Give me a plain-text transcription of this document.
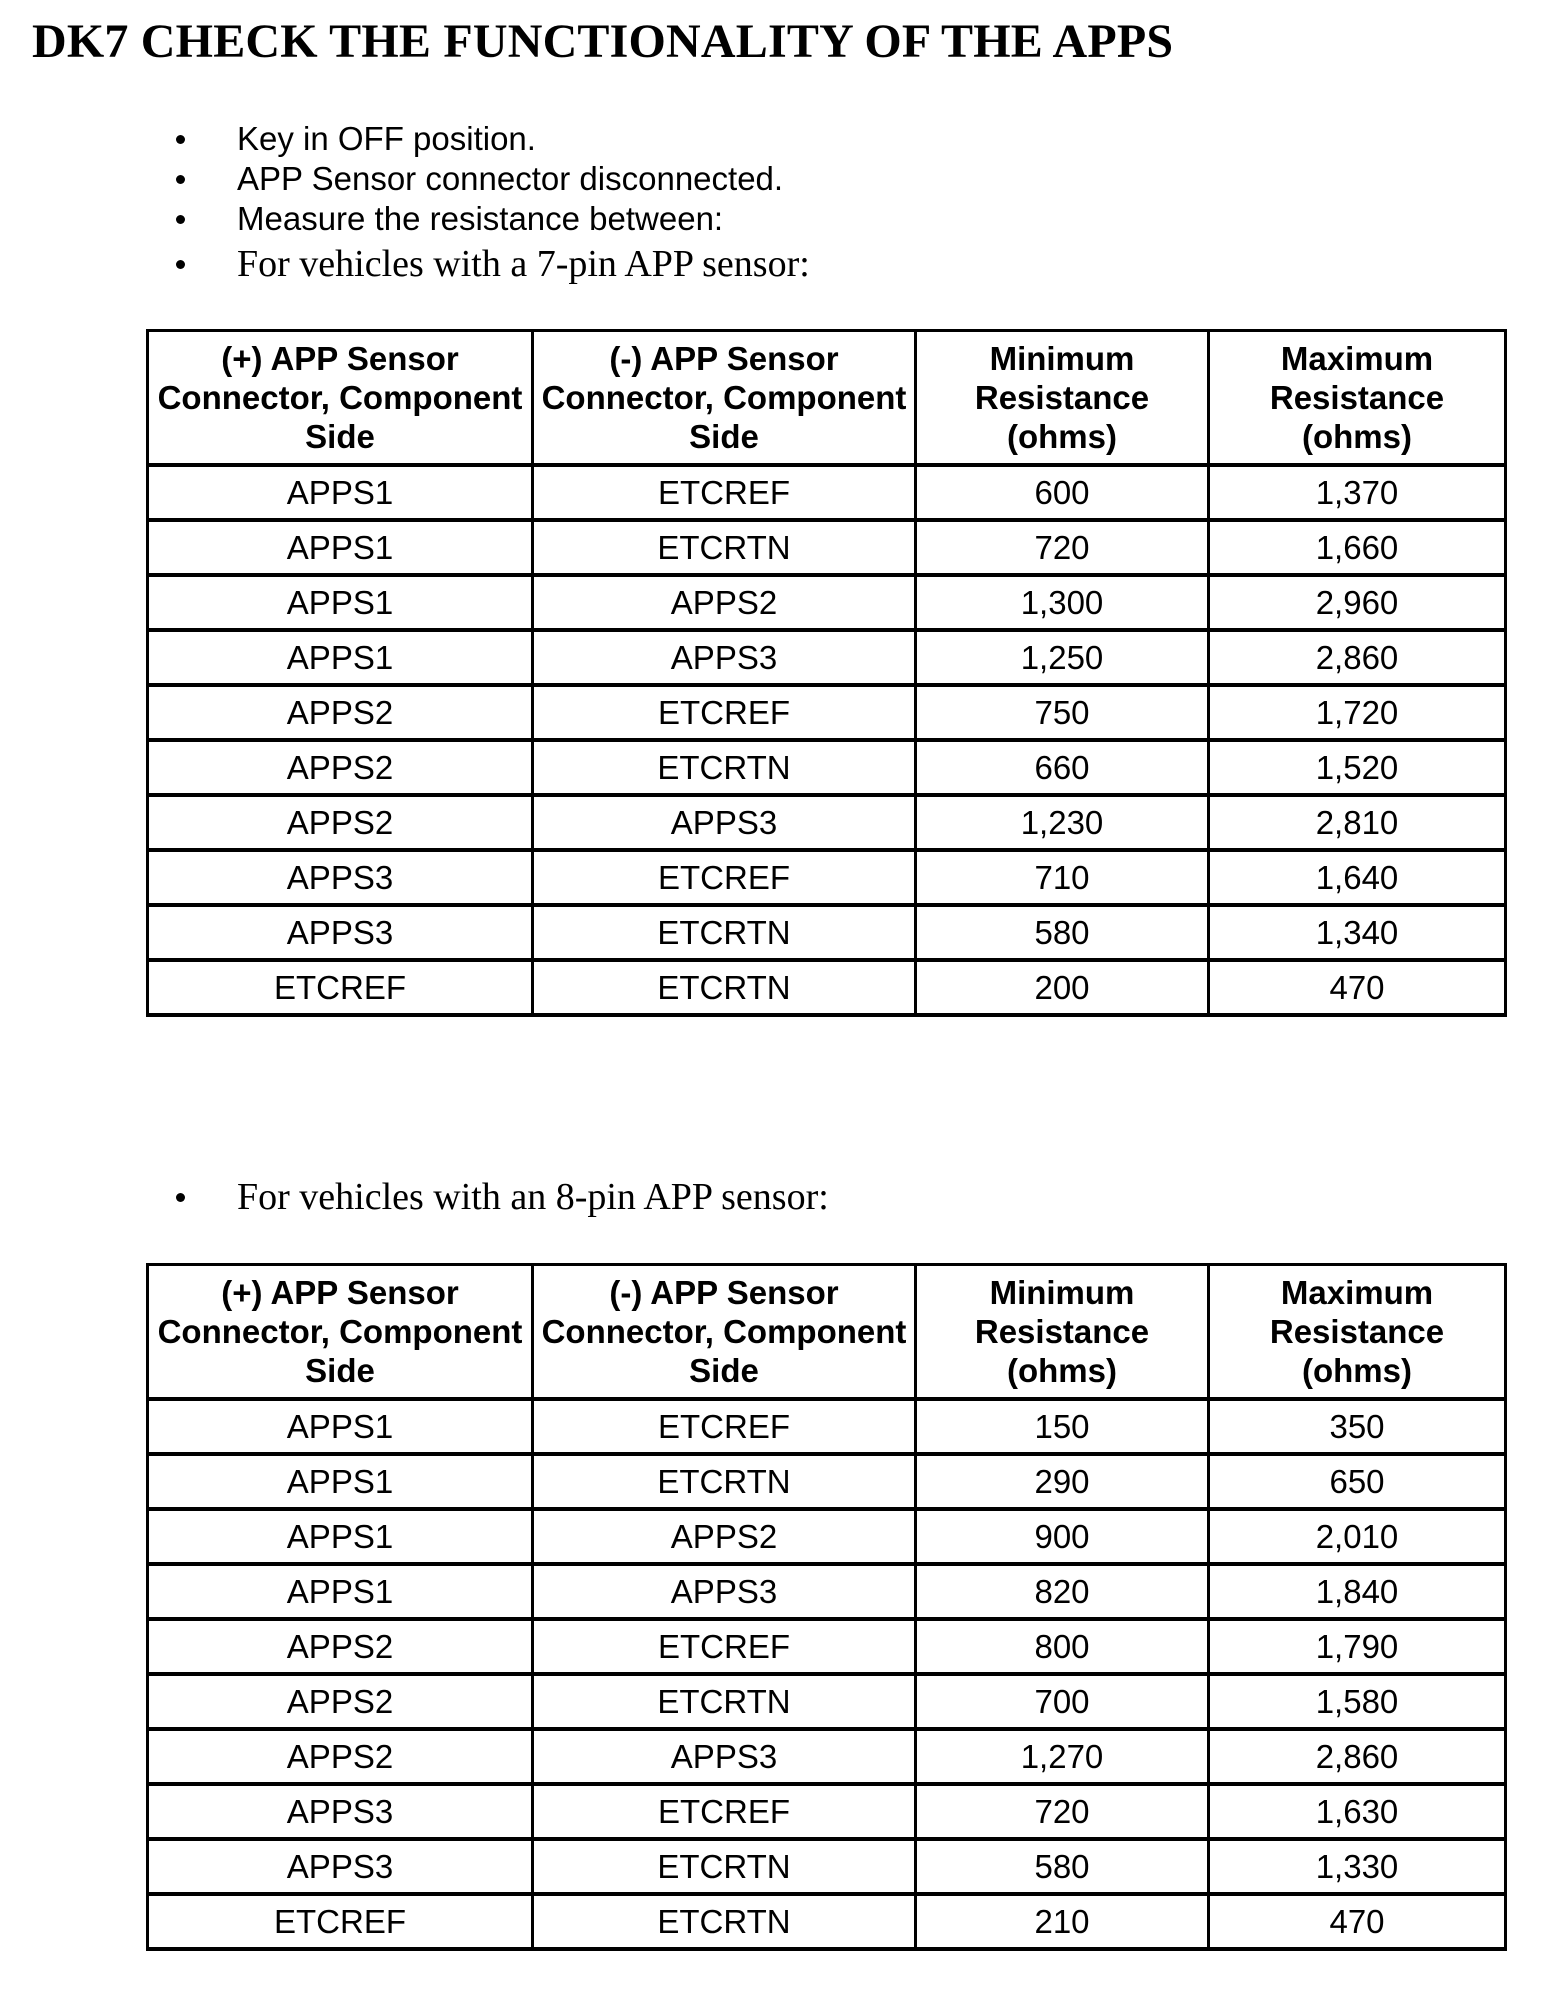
DK7 CHECK THE FUNCTIONALITY OF THE APPS
Key in OFF position.
APP Sensor connector disconnected.
Measure the resistance between:
For vehicles with a 7-pin APP sensor:
For vehicles with an 8-pin APP sensor:
(+) APP Sensor Connector, Component Side	(-) APP Sensor Connector, Component Side	Minimum Resistance (ohms)	Maximum Resistance (ohms)
APPS1	ETCREF	600	1,370
APPS1	ETCRTN	720	1,660
APPS1	APPS2	1,300	2,960
APPS1	APPS3	1,250	2,860
APPS2	ETCREF	750	1,720
APPS2	ETCRTN	660	1,520
APPS2	APPS3	1,230	2,810
APPS3	ETCREF	710	1,640
APPS3	ETCRTN	580	1,340
ETCREF	ETCRTN	200	470
(+) APP Sensor Connector, Component Side	(-) APP Sensor Connector, Component Side	Minimum Resistance (ohms)	Maximum Resistance (ohms)
APPS1	ETCREF	150	350
APPS1	ETCRTN	290	650
APPS1	APPS2	900	2,010
APPS1	APPS3	820	1,840
APPS2	ETCREF	800	1,790
APPS2	ETCRTN	700	1,580
APPS2	APPS3	1,270	2,860
APPS3	ETCREF	720	1,630
APPS3	ETCRTN	580	1,330
ETCREF	ETCRTN	210	470
